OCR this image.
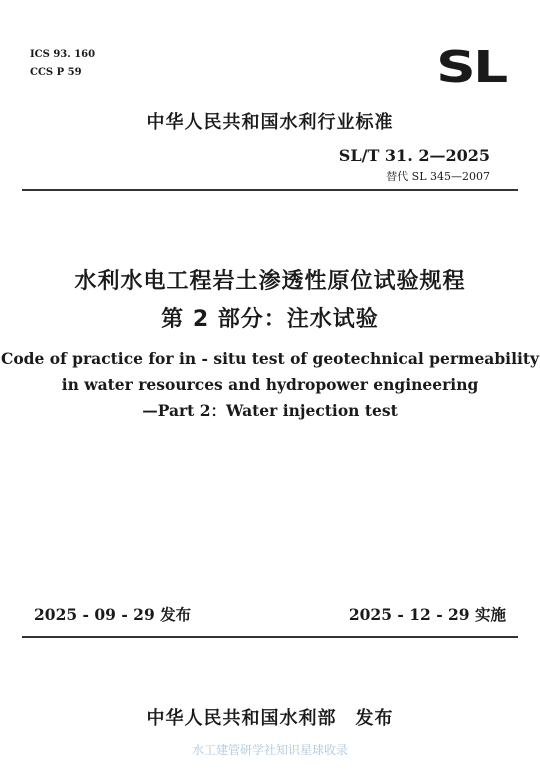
ICS 93. 160
CCS P 59	SL
中华人民共和国水利行业标准
SL/T 31. 2—2025
替代 SL 345—2007
水利水电工程岩土渗透性原位试验规程
第 2 部分：注水试验
Code of practice for in - situ test of geotechnical permeability
in water resources and hydropower engineering
—Part 2：Water injection test
2025 - 09 - 29 发布	2025 - 12 - 29 实施
中华人民共和国水利部　发布
水工建管研学社知识星球收录
